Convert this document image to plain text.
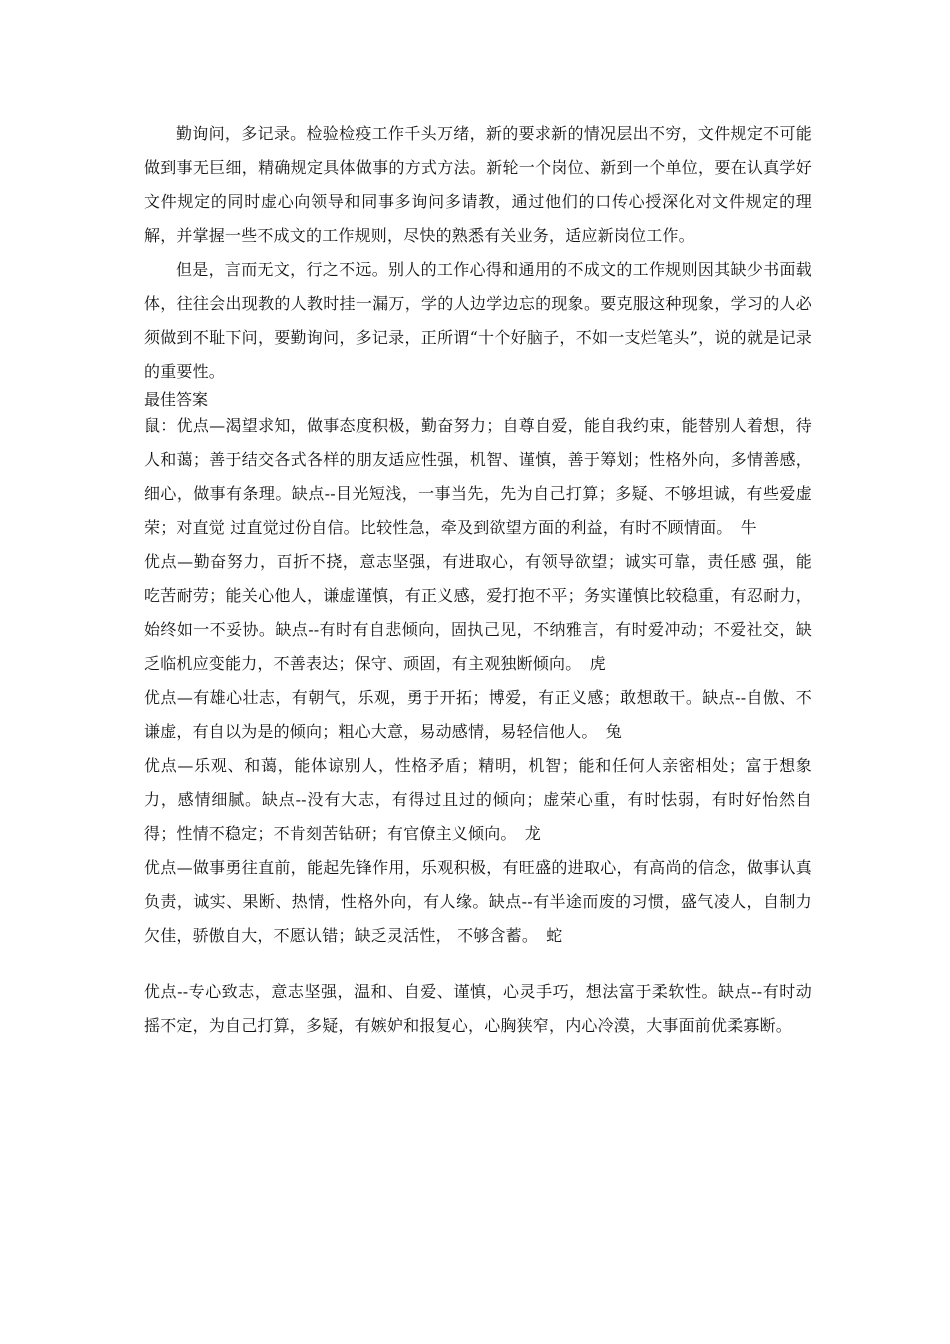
勤询问，多记录。检验检疫工作千头万绪，新的要求新的情况层出不穷，文件规定不可能做到事无巨细，精确规定具体做事的方式方法。新轮一个岗位、新到一个单位，要在认真学好文件规定的同时虚心向领导和同事多询问多请教，通过他们的口传心授深化对文件规定的理解，并掌握一些不成文的工作规则，尽快的熟悉有关业务，适应新岗位工作。

但是，言而无文，行之不远。别人的工作心得和通用的不成文的工作规则因其缺少书面载体，往往会出现教的人教时挂一漏万，学的人边学边忘的现象。要克服这种现象，学习的人必须做到不耻下问，要勤询问，多记录，正所谓“十个好脑子，不如一支烂笔头”，说的就是记录的重要性。

最佳答案

鼠：优点—渴望求知，做事态度积极，勤奋努力；自尊自爱，能自我约束，能替别人着想，待人和蔼；善于结交各式各样的朋友适应性强，机智、谨慎，善于筹划；性格外向，多情善感，细心，做事有条理。缺点--目光短浅，一事当先，先为自己打算；多疑、不够坦诚，有些爱虚荣；对直觉 过直觉过份自信。比较性急，牵及到欲望方面的利益，有时不顾情面。　牛

优点—勤奋努力，百折不挠，意志坚强，有进取心，有领导欲望；诚实可靠，责任感 强，能吃苦耐劳；能关心他人，谦虚谨慎，有正义感，爱打抱不平；务实谨慎比较稳重，有忍耐力，始终如一不妥协。缺点--有时有自悲倾向，固执己见，不纳雅言，有时爱冲动；不爱社交，缺乏临机应变能力，不善表达；保守、顽固，有主观独断倾向。　虎

优点—有雄心壮志，有朝气，乐观，勇于开拓；博爱，有正义感；敢想敢干。缺点--自傲、不谦虚，有自以为是的倾向；粗心大意，易动感情，易轻信他人。　兔

优点—乐观、和蔼，能体谅别人，性格矛盾；精明，机智；能和任何人亲密相处；富于想象力，感情细腻。缺点--没有大志，有得过且过的倾向；虚荣心重，有时怯弱，有时好怡然自得；性情不稳定；不肯刻苦钻研；有官僚主义倾向。　龙

优点—做事勇往直前，能起先锋作用，乐观积极，有旺盛的进取心，有高尚的信念，做事认真负责，诚实、果断、热情，性格外向，有人缘。缺点--有半途而废的习惯，盛气凌人，自制力欠佳，骄傲自大，不愿认错；缺乏灵活性， 不够含蓄。　蛇

优点--专心致志，意志坚强，温和、自爱、谨慎，心灵手巧，想法富于柔软性。缺点--有时动摇不定，为自己打算，多疑，有嫉妒和报复心，心胸狭窄，内心冷漠，大事面前优柔寡断。
